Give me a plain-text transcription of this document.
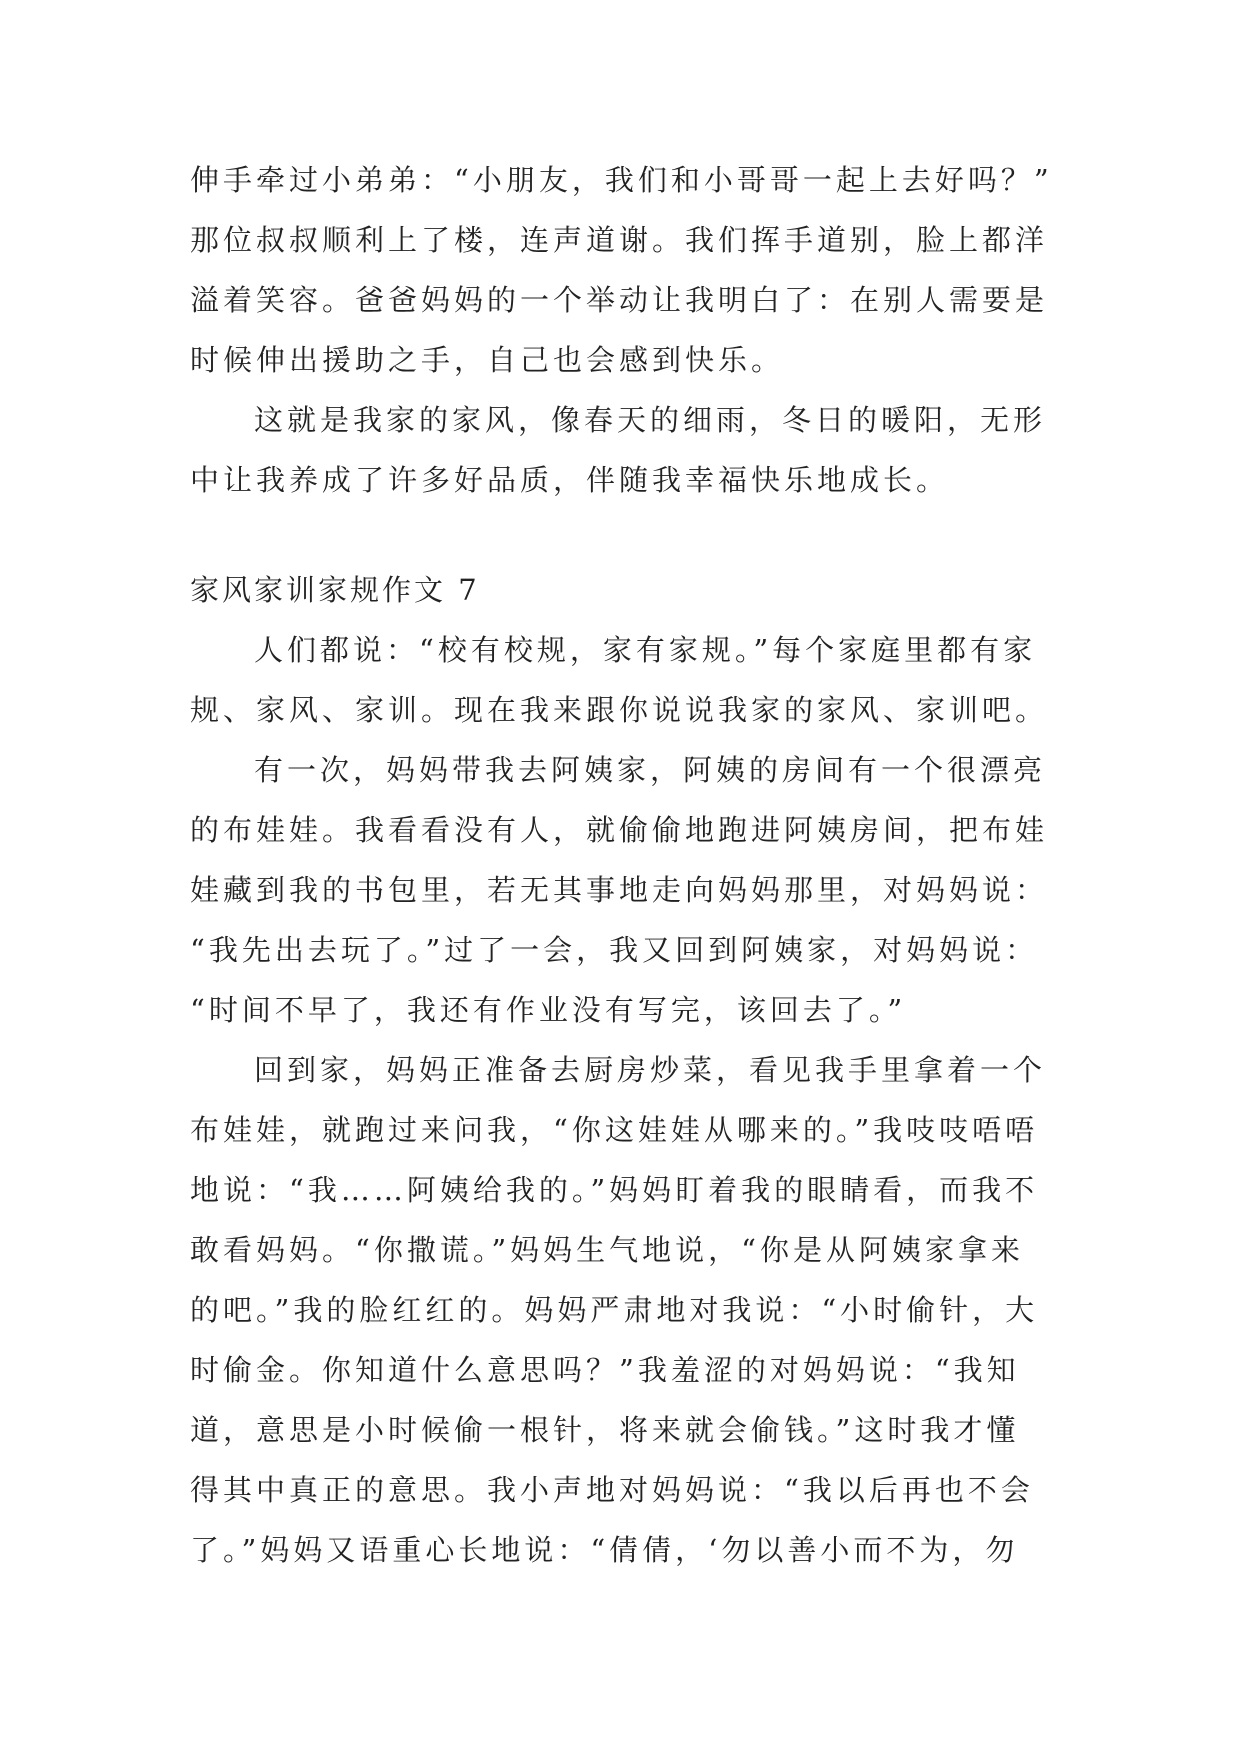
伸手牵过小弟弟：“小朋友，我们和小哥哥一起上去好吗？”
那位叔叔顺利上了楼，连声道谢。我们挥手道别，脸上都洋
溢着笑容。爸爸妈妈的一个举动让我明白了：在别人需要是
时候伸出援助之手，自己也会感到快乐。
这就是我家的家风，像春天的细雨，冬日的暖阳，无形
中让我养成了许多好品质，伴随我幸福快乐地成长。
家风家训家规作文 7
人们都说：“校有校规，家有家规。”每个家庭里都有家
规、家风、家训。现在我来跟你说说我家的家风、家训吧。
有一次，妈妈带我去阿姨家，阿姨的房间有一个很漂亮
的布娃娃。我看看没有人，就偷偷地跑进阿姨房间，把布娃
娃藏到我的书包里，若无其事地走向妈妈那里，对妈妈说：
“我先出去玩了。”过了一会，我又回到阿姨家，对妈妈说：
“时间不早了，我还有作业没有写完，该回去了。”
回到家，妈妈正准备去厨房炒菜，看见我手里拿着一个
布娃娃，就跑过来问我，“你这娃娃从哪来的。”我吱吱唔唔
地说：“我……阿姨给我的。”妈妈盯着我的眼睛看，而我不
敢看妈妈。“你撒谎。”妈妈生气地说，“你是从阿姨家拿来
的吧。”我的脸红红的。妈妈严肃地对我说：“小时偷针，大
时偷金。你知道什么意思吗？”我羞涩的对妈妈说：“我知
道，意思是小时候偷一根针，将来就会偷钱。”这时我才懂
得其中真正的意思。我小声地对妈妈说：“我以后再也不会
了。”妈妈又语重心长地说：“倩倩，‘勿以善小而不为，勿
